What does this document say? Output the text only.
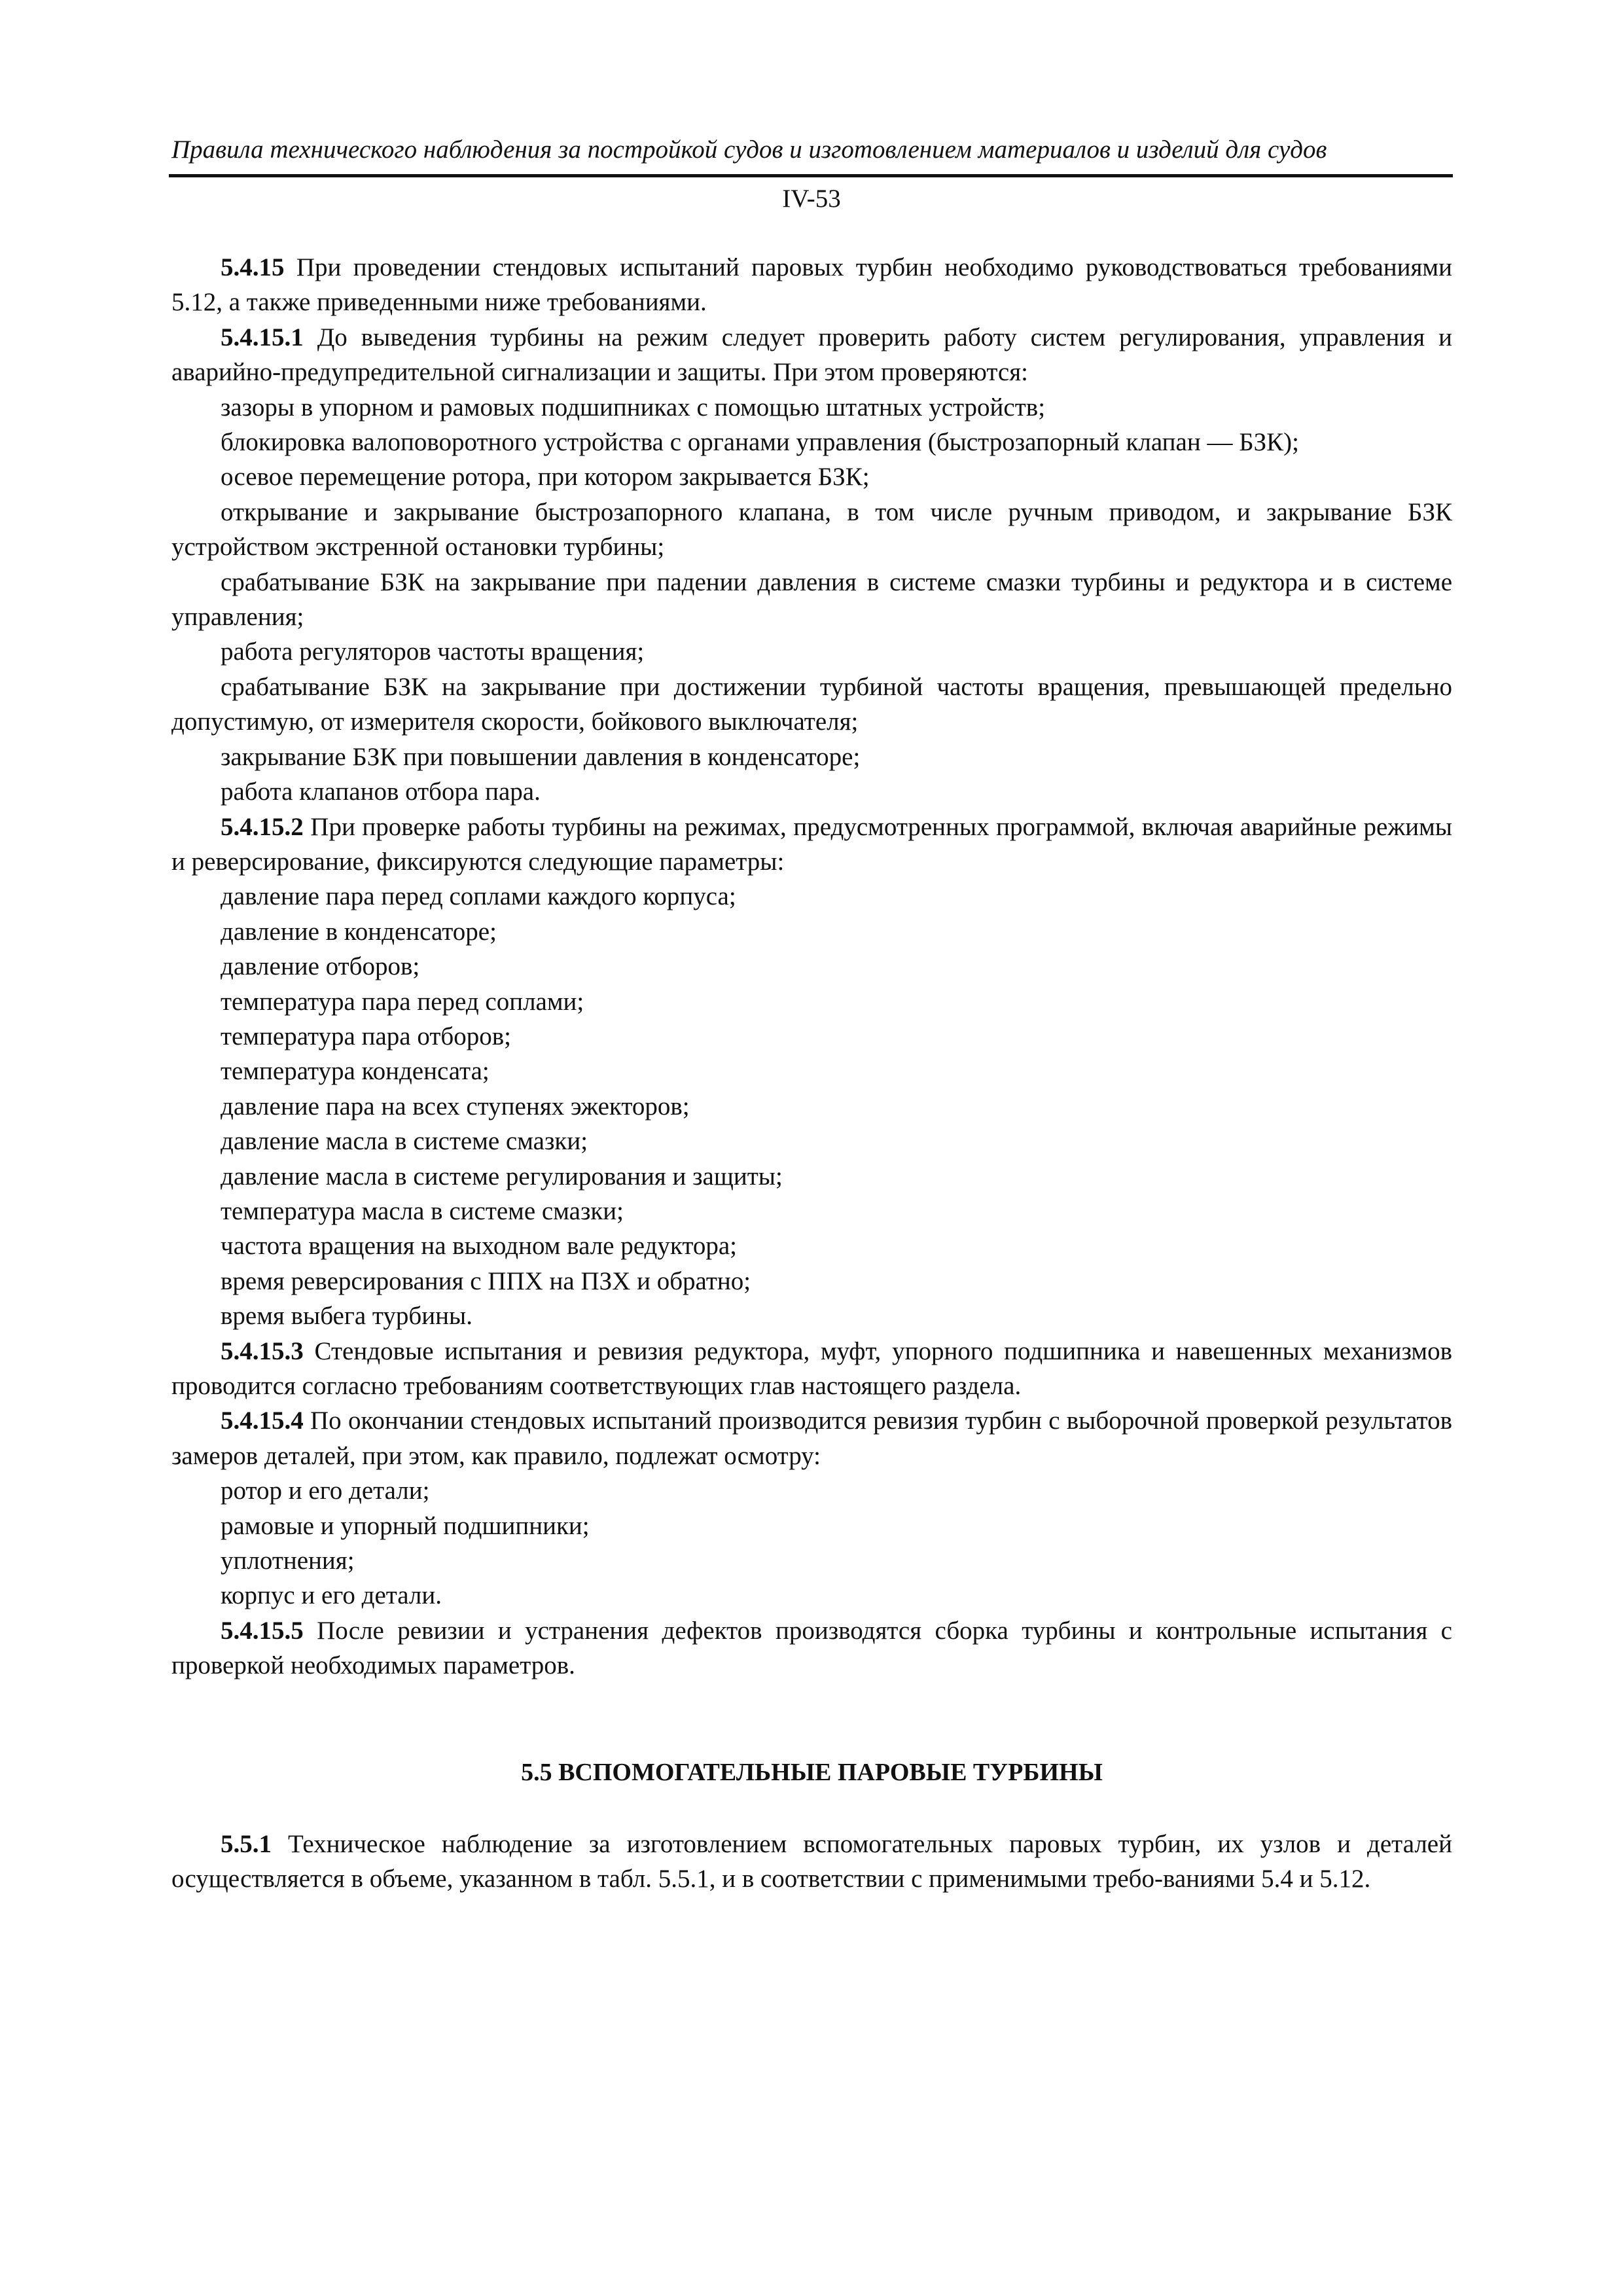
Правила технического наблюдения за постройкой судов и изготовлением материалов и изделий для судов
IV-53

5.4.15 При проведении стендовых испытаний паровых турбин необходимо руководствоваться требованиями 5.12, а также приведенными ниже требованиями.

5.4.15.1 До выведения турбины на режим следует проверить работу систем регулирования, управления и аварийно-предупредительной сигнализации и защиты. При этом проверяются:

зазоры в упорном и рамовых подшипниках с помощью штатных устройств;

блокировка валоповоротного устройства с органами управления (быстрозапорный клапан — БЗК);

осевое перемещение ротора, при котором закрывается БЗК;

открывание и закрывание быстрозапорного клапана, в том числе ручным приводом, и закрывание БЗК устройством экстренной остановки турбины;

срабатывание БЗК на закрывание при падении давления в системе смазки турбины и редуктора и в системе управления;

работа регуляторов частоты вращения;

срабатывание БЗК на закрывание при достижении турбиной частоты вращения, превышающей предельно допустимую, от измерителя скорости, бойкового выключателя;

закрывание БЗК при повышении давления в конденсаторе;

работа клапанов отбора пара.

5.4.15.2 При проверке работы турбины на режимах, предусмотренных программой, включая аварийные режимы и реверсирование, фиксируются следующие параметры:

давление пара перед соплами каждого корпуса;

давление в конденсаторе;

давление отборов;

температура пара перед соплами;

температура пара отборов;

температура конденсата;

давление пара на всех ступенях эжекторов;

давление масла в системе смазки;

давление масла в системе регулирования и защиты;

температура масла в системе смазки;

частота вращения на выходном вале редуктора;

время реверсирования с ППХ на ПЗХ и обратно;

время выбега турбины.

5.4.15.3 Стендовые испытания и ревизия редуктора, муфт, упорного подшипника и навешенных механизмов проводится согласно требованиям соответствующих глав настоящего раздела.

5.4.15.4 По окончании стендовых испытаний производится ревизия турбин с выборочной проверкой результатов замеров деталей, при этом, как правило, подлежат осмотру:

ротор и его детали;

рамовые и упорный подшипники;

уплотнения;

корпус и его детали.

5.4.15.5 После ревизии и устранения дефектов производятся сборка турбины и контрольные испытания с проверкой необходимых параметров.

5.5 ВСПОМОГАТЕЛЬНЫЕ ПАРОВЫЕ ТУРБИНЫ

5.5.1 Техническое наблюдение за изготовлением вспомогательных паровых турбин, их узлов и деталей осуществляется в объеме, указанном в табл. 5.5.1, и в соответствии с применимыми требо-ваниями 5.4 и 5.12.
